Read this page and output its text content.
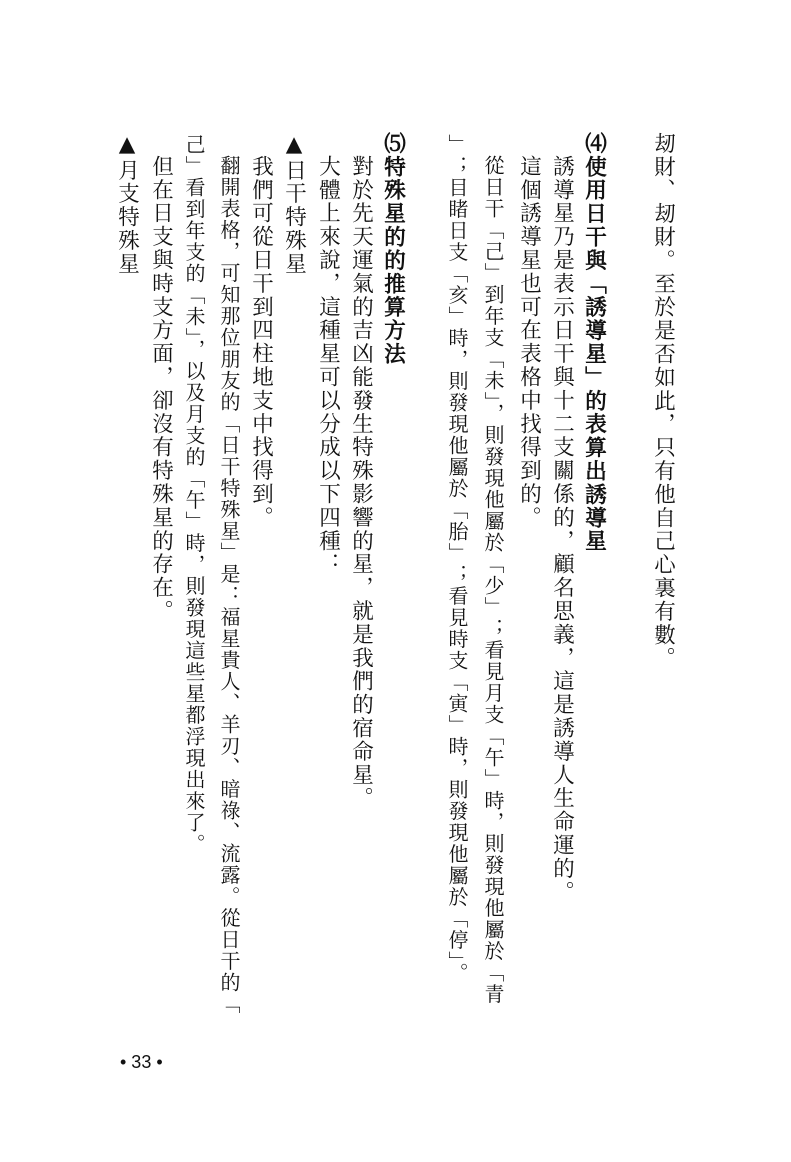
刼財、刼財。至於是否如此，只有他自己心裏有數。
⑷使用日干與「誘導星」的表算出誘導星
誘導星乃是表示日干與十二支關係的，顧名思義，這是誘導人生命運的。
這個誘導星也可在表格中找得到的。
從日干「己」到年支「未」，則發現他屬於「少」；看見月支「午」時，則發現他屬於「青
」；目睹日支「亥」時，則發現他屬於「胎」；看見時支「寅」時，則發現他屬於「停」。
⑸特殊星的的推算方法
對於先天運氣的吉凶能發生特殊影響的星，就是我們的宿命星。
大體上來說，這種星可以分成以下四種：
▲日干特殊星
我們可從日干到四柱地支中找得到。
翻開表格，可知那位朋友的「日干特殊星」是：福星貴人、羊刃、暗祿、流露。從日干的「
己」看到年支的「未」，以及月支的「午」時，則發現這些星都浮現出來了。
但在日支與時支方面，卻沒有特殊星的存在。
▲月支特殊星
• 33 •
